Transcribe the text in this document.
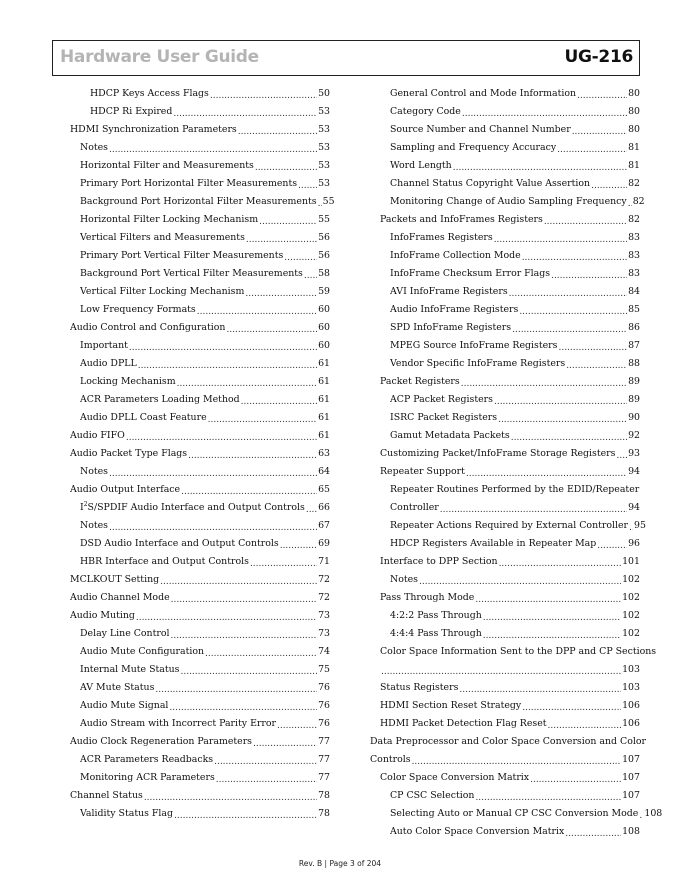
Hardware User Guide	UG-216
HDCP Keys Access Flags .....	50
HDCP Ri Expired .....	53
HDMI Synchronization Parameters .....	53
Notes .....	53
Horizontal Filter and Measurements .....	53
Primary Port Horizontal Filter Measurements ..... 53
Background Port Horizontal Filter Measurements ..... 55
Horizontal Filter Locking Mechanism .....	55
Vertical Filters and Measurements .....	56
Primary Port Vertical Filter Measurements .....	56
Background Port Vertical Filter Measurements ..... 58
Vertical Filter Locking Mechanism .....	59
Low Frequency Formats .....	60
Audio Control and Configuration .....	60
Important .....	60
Audio DPLL .....	61
Locking Mechanism .....	61
ACR Parameters Loading Method .....	61
Audio DPLL Coast Feature .....	61
Audio FIFO .....	61
Audio Packet Type Flags .....	63
Notes .....	64
Audio Output Interface .....	65
$I^2S$/SPDIF Audio Interface and Output Controls ..... 66
Notes .....	67
DSD Audio Interface and Output Controls .....	69
HBR Interface and Output Controls .....	71
MCLKOUT Setting .....	72
Audio Channel Mode .....	72
Audio Muting .....	73
Delay Line Control .....	73
Audio Mute Configuration .....	74
Internal Mute Status .....	75
AV Mute Status .....	76
Audio Mute Signal .....	76
Audio Stream with Incorrect Parity Error .....	76
Audio Clock Regeneration Parameters .....	77
ACR Parameters Readbacks .....	77
Monitoring ACR Parameters .....	77
Channel Status .....	78
Validity Status Flag .....	78
General Control and Mode Information .....	80
Category Code .....	80
Source Number and Channel Number .....	80
Sampling and Frequency Accuracy .....	81
Word Length .....	81
Channel Status Copyright Value Assertion .....	82
Monitoring Change of Audio Sampling Frequency ..... 82
Packets and InfoFrames Registers .....	82
InfoFrames Registers .....	83
InfoFrame Collection Mode .....	83
InfoFrame Checksum Error Flags .....	83
AVI InfoFrame Registers .....	84
Audio InfoFrame Registers .....	85
SPD InfoFrame Registers .....	86
MPEG Source InfoFrame Registers .....	87
Vendor Specific InfoFrame Registers .....	88
Packet Registers .....	89
ACP Packet Registers .....	89
ISRC Packet Registers .....	90
Gamut Metadata Packets .....	92
Customizing Packet/InfoFrame Storage Registers ..... 93
Repeater Support .....	94
Repeater Routines Performed by the EDID/Repeater
Controller .....	94
Repeater Actions Required by External Controller ..... 95
HDCP Registers Available in Repeater Map .....	96
Interface to DPP Section .....	101
Notes .....	102
Pass Through Mode .....	102
4:2:2 Pass Through .....	102
4:4:4 Pass Through .....	102
Color Space Information Sent to the DPP and CP Sections
.....
103
Status Registers .....	103
HDMI Section Reset Strategy .....	106
HDMI Packet Detection Flag Reset .....	106
Data Preprocessor and Color Space Conversion and Color
Controls .....	107
Color Space Conversion Matrix .....	107
CP CSC Selection .....	107
Selecting Auto or Manual CP CSC Conversion Mode ..... 108
Auto Color Space Conversion Matrix .....	108
Rev. B | Page 3 of 204
